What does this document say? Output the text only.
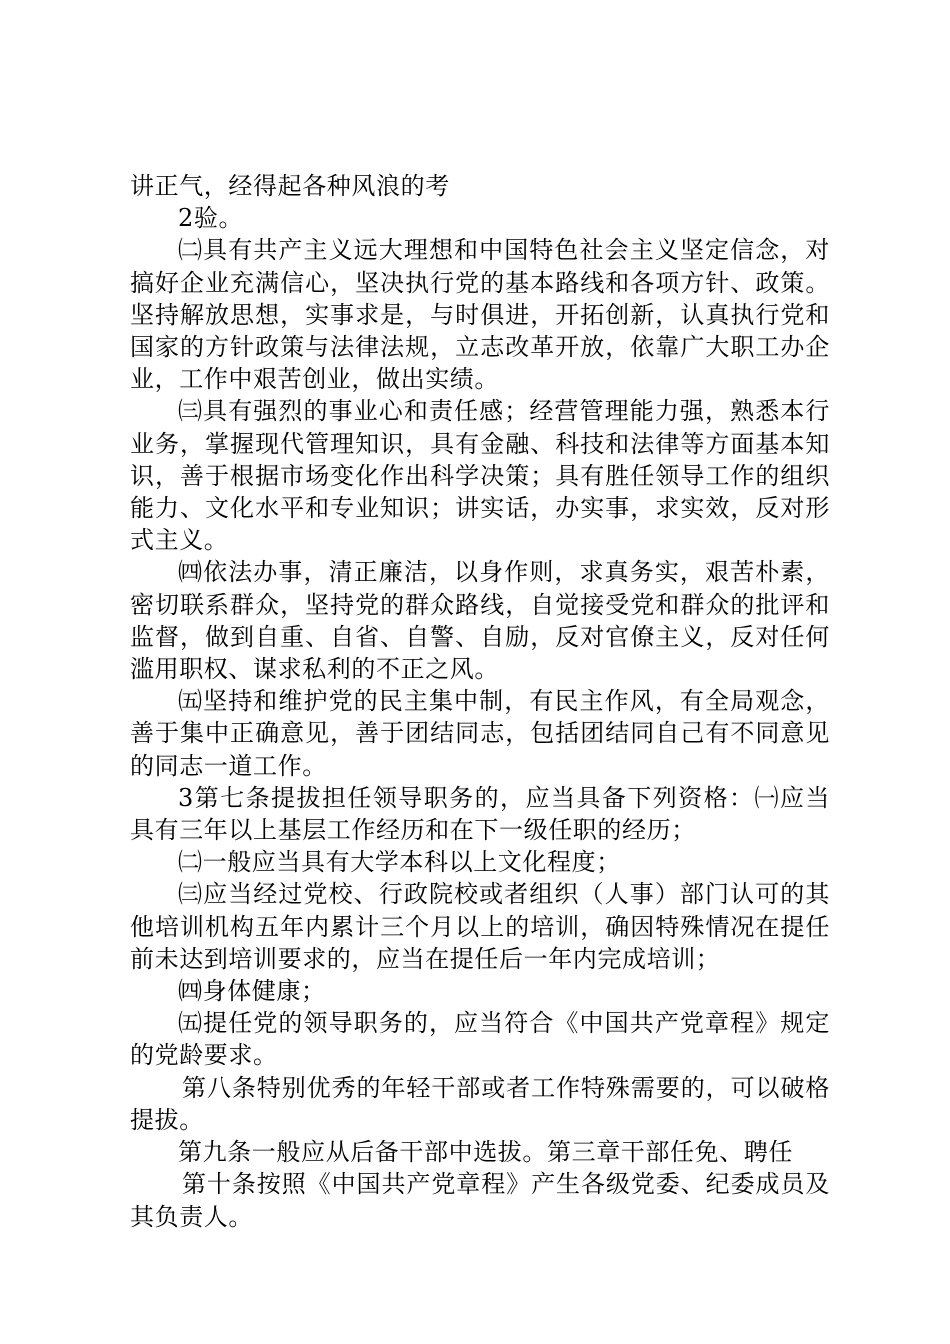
讲正气，经得起各种风浪的考

2验。

㈡具有共产主义远大理想和中国特色社会主义坚定信念，对搞好企业充满信心，坚决执行党的基本路线和各项方针、政策。坚持解放思想，实事求是，与时俱进，开拓创新，认真执行党和国家的方针政策与法律法规，立志改革开放，依靠广大职工办企业，工作中艰苦创业，做出实绩。

㈢具有强烈的事业心和责任感；经营管理能力强，熟悉本行业务，掌握现代管理知识，具有金融、科技和法律等方面基本知识，善于根据市场变化作出科学决策；具有胜任领导工作的组织能力、文化水平和专业知识；讲实话，办实事，求实效，反对形式主义。

㈣依法办事，清正廉洁，以身作则，求真务实，艰苦朴素，密切联系群众，坚持党的群众路线，自觉接受党和群众的批评和监督，做到自重、自省、自警、自励，反对官僚主义，反对任何滥用职权、谋求私利的不正之风。

㈤坚持和维护党的民主集中制，有民主作风，有全局观念，善于集中正确意见，善于团结同志，包括团结同自己有不同意见的同志一道工作。

3第七条提拔担任领导职务的，应当具备下列资格：㈠应当具有三年以上基层工作经历和在下一级任职的经历；

㈡一般应当具有大学本科以上文化程度；

㈢应当经过党校、行政院校或者组织（人事）部门认可的其他培训机构五年内累计三个月以上的培训，确因特殊情况在提任前未达到培训要求的，应当在提任后一年内完成培训；

㈣身体健康；

㈤提任党的领导职务的，应当符合《中国共产党章程》规定的党龄要求。

第八条特别优秀的年轻干部或者工作特殊需要的，可以破格提拔。

第九条一般应从后备干部中选拔。第三章干部任免、聘任

第十条按照《中国共产党章程》产生各级党委、纪委成员及其负责人。
